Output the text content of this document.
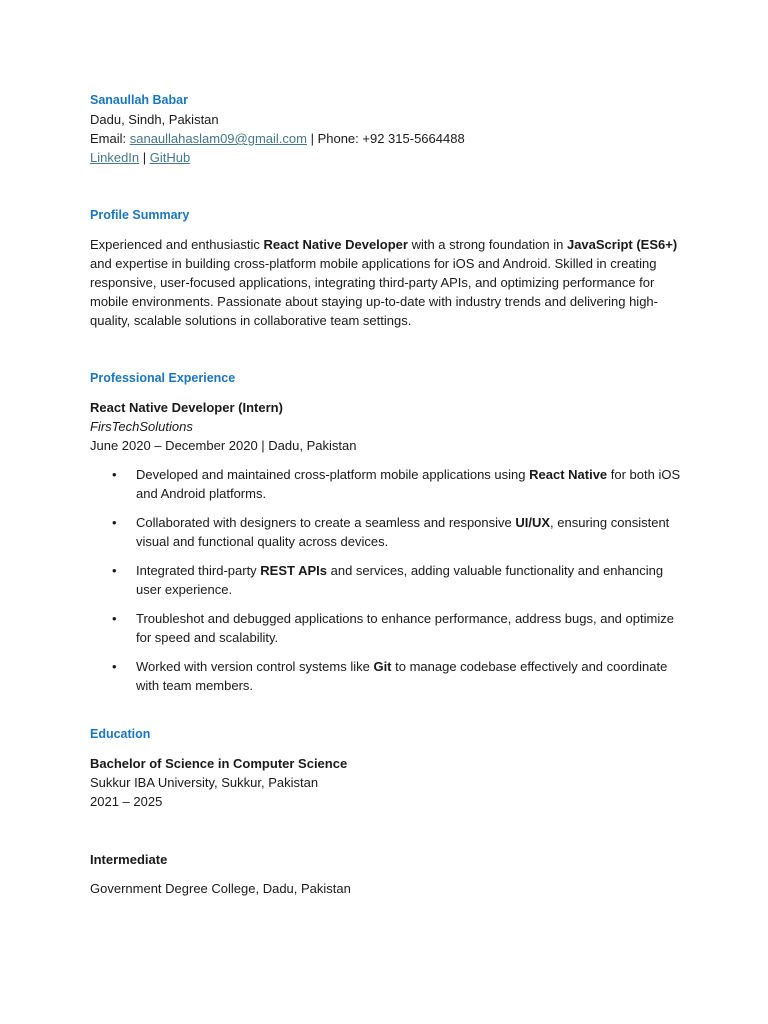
Sanaullah Babar

Dadu, Sindh, Pakistan

Email: sanaullahaslam09@gmail.com | Phone: +92 315-5664488

LinkedIn | GitHub

Profile Summary

Experienced and enthusiastic React Native Developer with a strong foundation in JavaScript (ES6+) and expertise in building cross-platform mobile applications for iOS and Android. Skilled in creating responsive, user-focused applications, integrating third-party APIs, and optimizing performance for mobile environments. Passionate about staying up-to-date with industry trends and delivering high-quality, scalable solutions in collaborative team settings.

Professional Experience

React Native Developer (Intern)

FirsTechSolutions

June 2020 – December 2020 | Dadu, Pakistan

• Developed and maintained cross-platform mobile applications using React Native for both iOS and Android platforms.
• Collaborated with designers to create a seamless and responsive UI/UX, ensuring consistent visual and functional quality across devices.
• Integrated third-party REST APIs and services, adding valuable functionality and enhancing user experience.
• Troubleshot and debugged applications to enhance performance, address bugs, and optimize for speed and scalability.
• Worked with version control systems like Git to manage codebase effectively and coordinate with team members.

Education

Bachelor of Science in Computer Science

Sukkur IBA University, Sukkur, Pakistan

2021 – 2025

Intermediate

Government Degree College, Dadu, Pakistan
